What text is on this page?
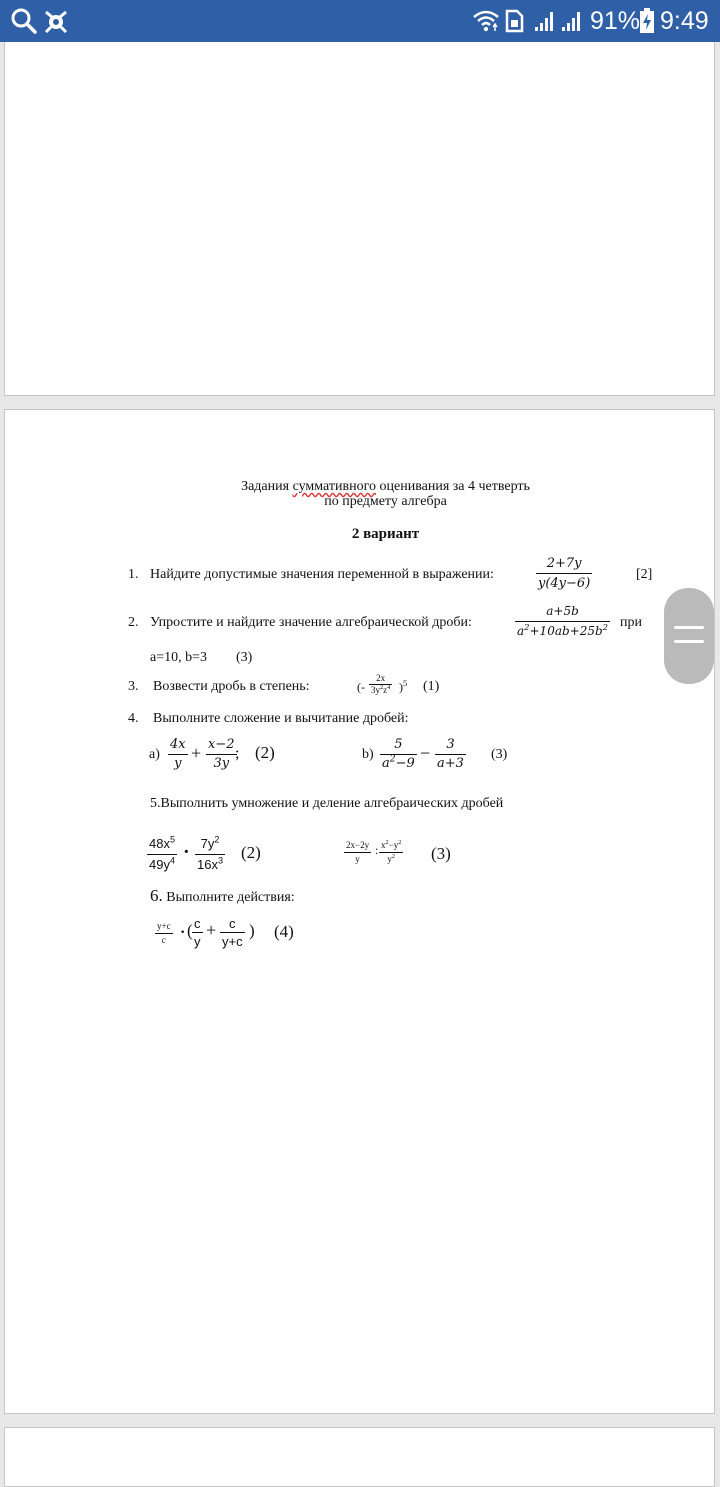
91% 9:49
Задания суммативного оценивания за 4 четверть
по предмету алгебра
2 вариант
1. Найдите допустимые значения переменной в выражении:	$\frac{2+7y}{y(4y-6)}$	[2]
2. Упростите и найдите значение алгебраической дроби:	$\frac{a+5b}{a^2+10ab+25b^2}$ при
a=10, b=3 (3)
3. Возвести дробь в степень:	(- $\frac{2x}{3y^2z^4} )^5$ (1)
4. Выполните сложение и вычитание дробей:
$a) \frac{4x}{y} + \frac{x-2}{3y}$
; (2)	$b) \frac{5}{a^2-9} - \frac{3}{a+3} (3)$
5.Выполнить умножение и деление алгебраических дробей
$\frac{48x^5}{49y^4} \cdot \frac{7y^2}{16x^3} (2)$	$\frac{2x-2y}{y}$ : $\frac{x^2-y^2}{y^2} (3)$
6. Выполните действия:
$\frac{y+c}{c}$ · ( $\frac{c}{y} + \frac{c}{y+c}$ ) (4)
